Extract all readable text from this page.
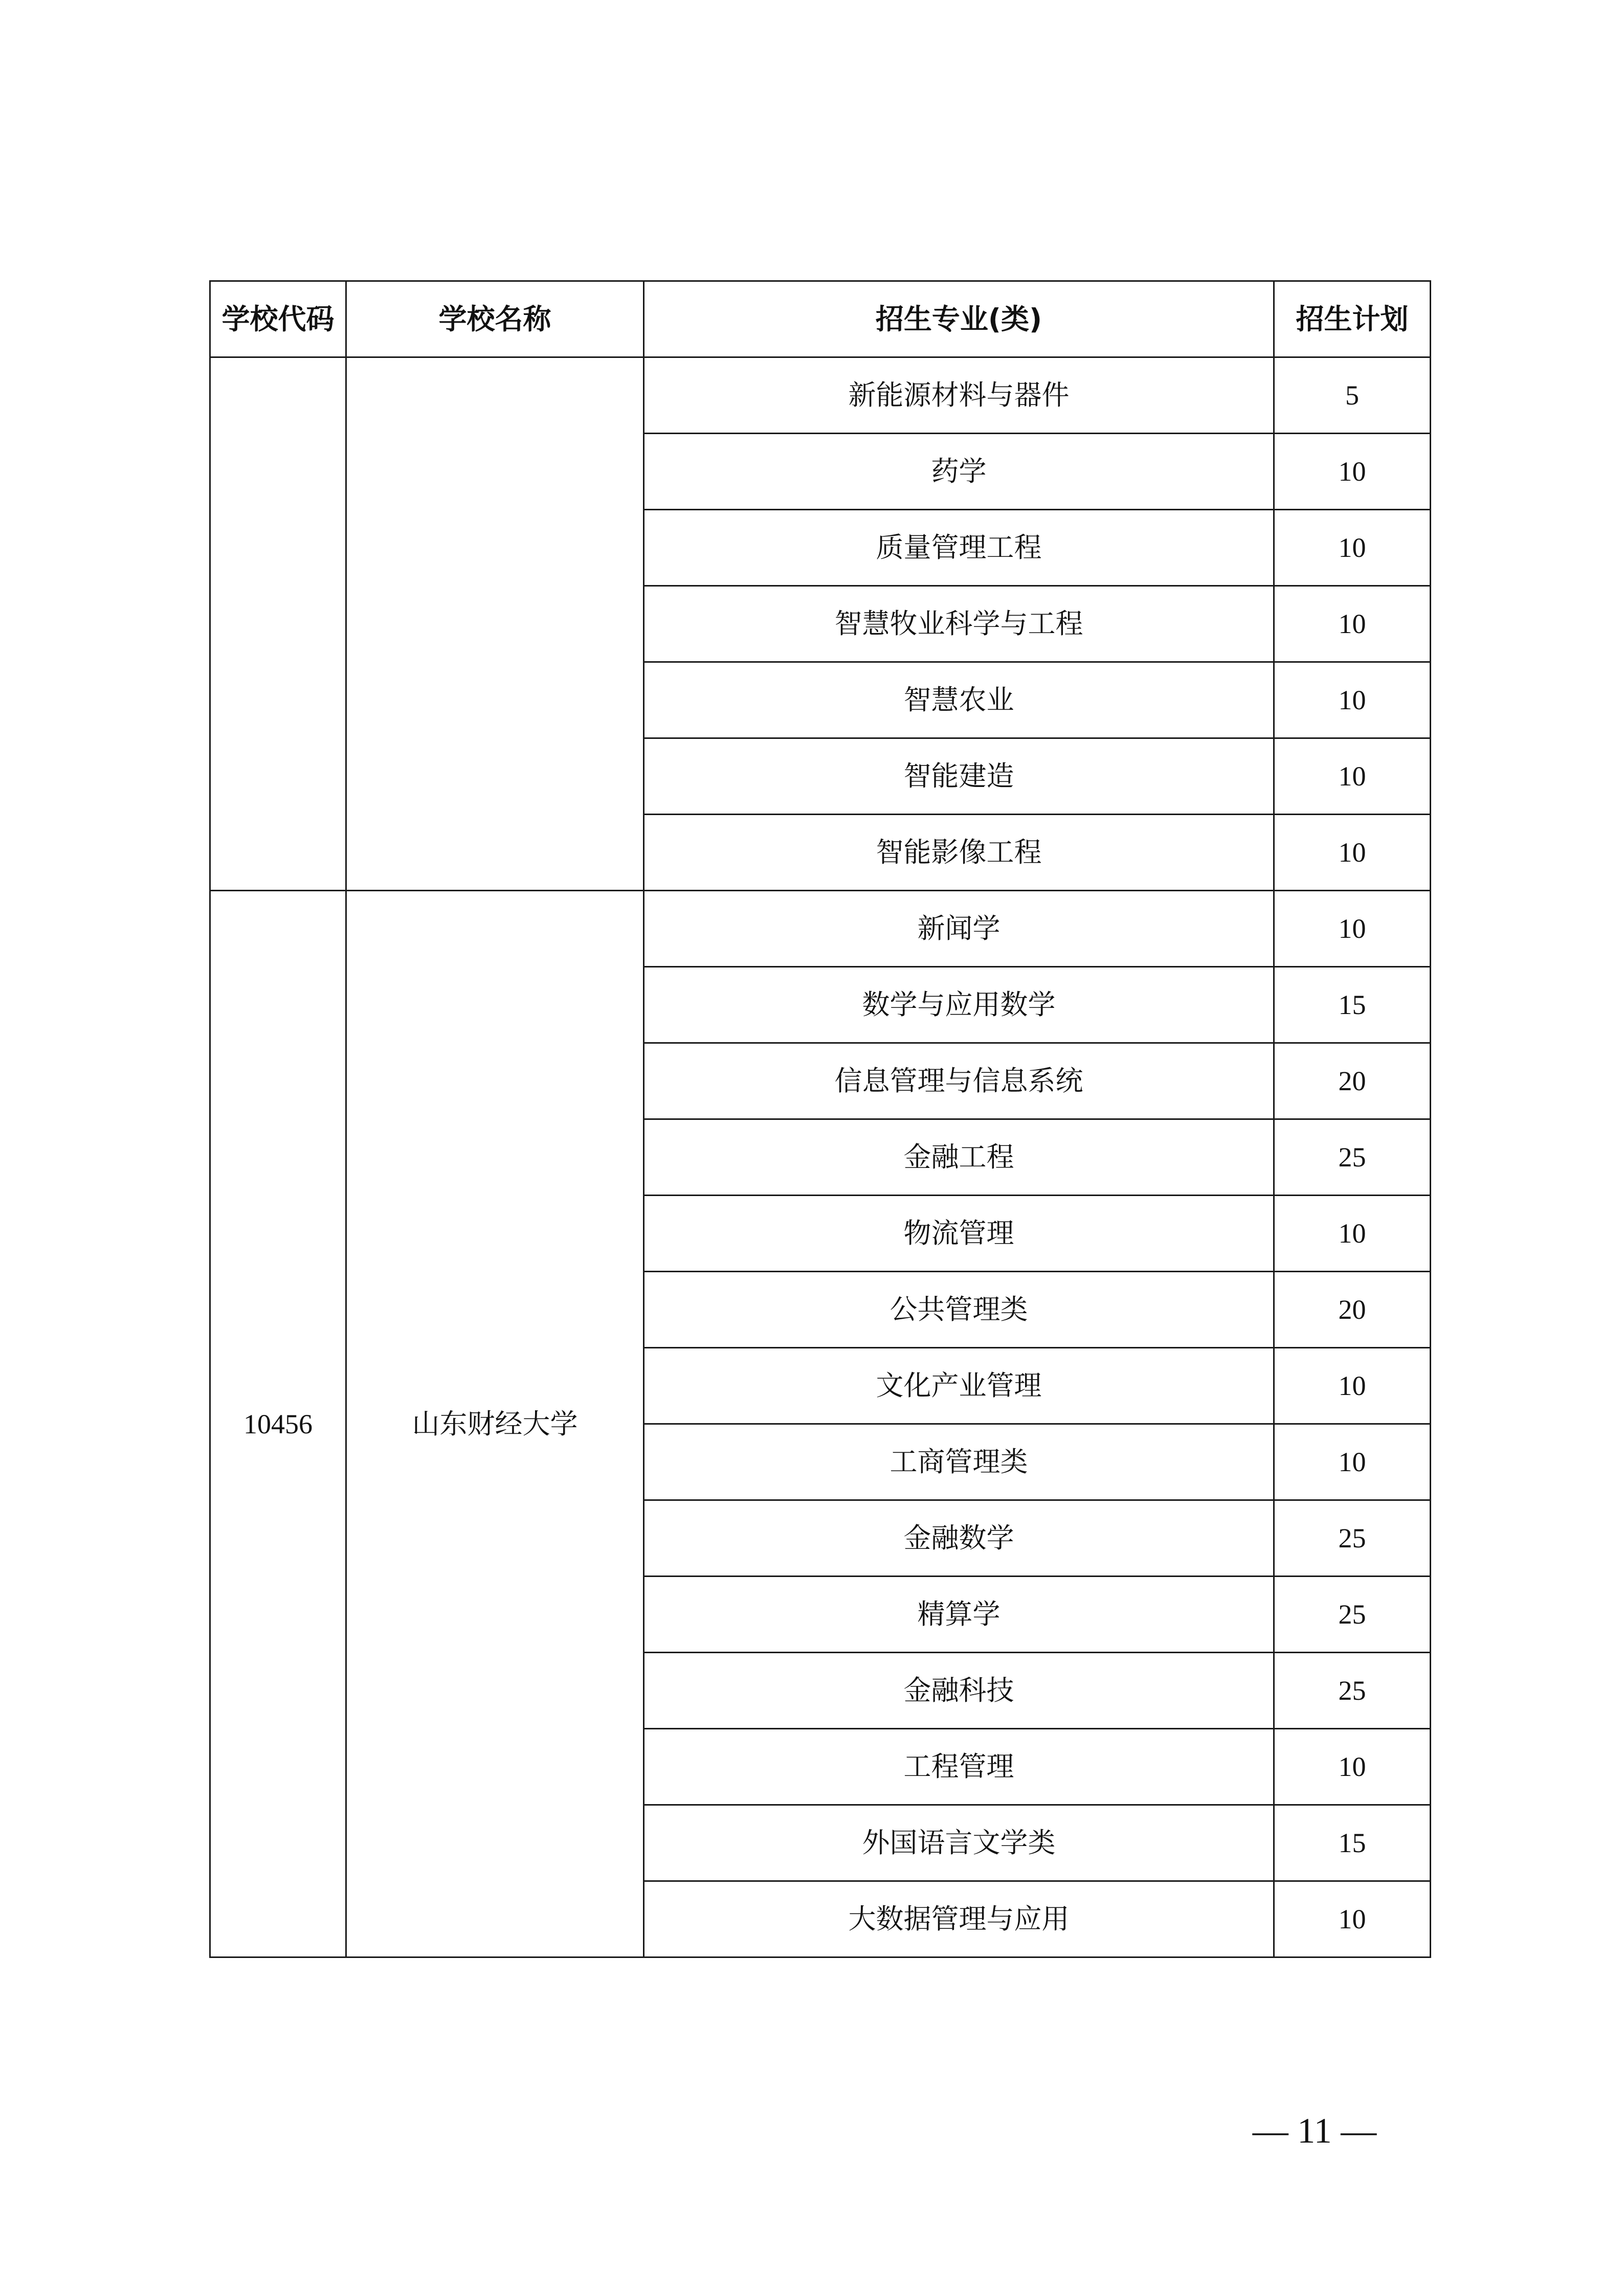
学校代码	学校名称	招生专业(类)	招生计划
		新能源材料与器件	5
		药学	10
		质量管理工程	10
		智慧牧业科学与工程	10
		智慧农业	10
		智能建造	10
		智能影像工程	10
10456	山东财经大学	新闻学	10
		数学与应用数学	15
		信息管理与信息系统	20
		金融工程	25
		物流管理	10
		公共管理类	20
		文化产业管理	10
		工商管理类	10
		金融数学	25
		精算学	25
		金融科技	25
		工程管理	10
		外国语言文学类	15
		大数据管理与应用	10
— 11 —
